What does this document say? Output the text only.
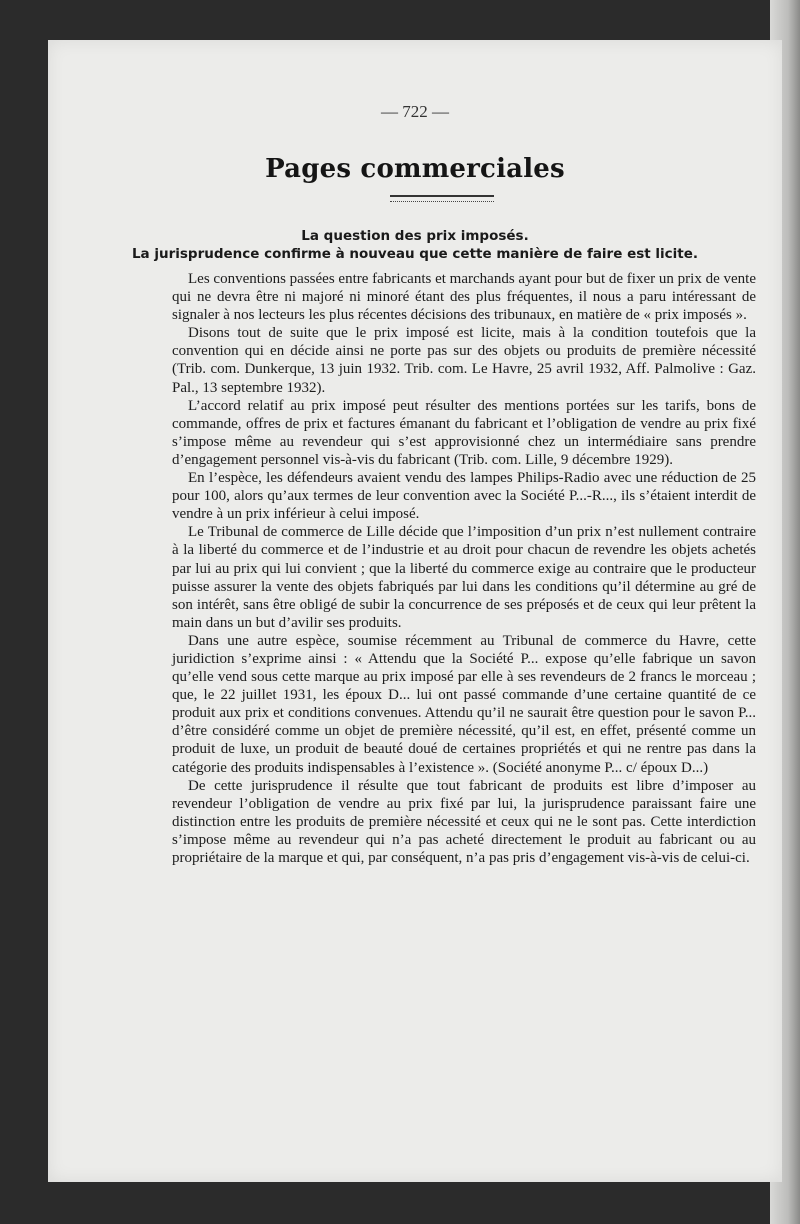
— 722 —
Pages commerciales
La question des prix imposés.
La jurisprudence confirme à nouveau que cette manière de faire est licite.

Les conventions passées entre fabricants et marchands ayant pour but de fixer un prix de vente qui ne devra être ni majoré ni minoré étant des plus fréquentes, il nous a paru intéressant de signaler à nos lecteurs les plus récentes décisions des tribunaux, en matière de « prix imposés ».

Disons tout de suite que le prix imposé est licite, mais à la condition toutefois que la convention qui en décide ainsi ne porte pas sur des objets ou produits de première nécessité (Trib. com. Dunkerque, 13 juin 1932. Trib. com. Le Havre, 25 avril 1932, Aff. Palmolive : Gaz. Pal., 13 septembre 1932).

L’accord relatif au prix imposé peut résulter des mentions portées sur les tarifs, bons de commande, offres de prix et factures émanant du fabricant et l’obligation de vendre au prix fixé s’impose même au revendeur qui s’est approvisionné chez un intermédiaire sans prendre d’engagement personnel vis-à-vis du fabricant (Trib. com. Lille, 9 décembre 1929).

En l’espèce, les défendeurs avaient vendu des lampes Philips-Radio avec une réduction de 25 pour 100, alors qu’aux termes de leur convention avec la Société P...-R..., ils s’étaient interdit de vendre à un prix inférieur à celui imposé.

Le Tribunal de commerce de Lille décide que l’imposition d’un prix n’est nullement contraire à la liberté du commerce et de l’industrie et au droit pour chacun de revendre les objets achetés par lui au prix qui lui convient ; que la liberté du commerce exige au contraire que le producteur puisse assurer la vente des objets fabriqués par lui dans les conditions qu’il détermine au gré de son intérêt, sans être obligé de subir la concurrence de ses préposés et de ceux qui leur prêtent la main dans un but d’avilir ses produits.

Dans une autre espèce, soumise récemment au Tribunal de commerce du Havre, cette juridiction s’exprime ainsi : « Attendu que la Société P... expose qu’elle fabrique un savon qu’elle vend sous cette marque au prix imposé par elle à ses revendeurs de 2 francs le morceau ; que, le 22 juillet 1931, les époux D... lui ont passé commande d’une certaine quantité de ce produit aux prix et conditions convenues. Attendu qu’il ne saurait être question pour le savon P... d’être considéré comme un objet de première nécessité, qu’il est, en effet, présenté comme un produit de luxe, un produit de beauté doué de certaines propriétés et qui ne rentre pas dans la catégorie des produits indispensables à l’existence ». (Société anonyme P... c/ époux D...)

De cette jurisprudence il résulte que tout fabricant de produits est libre d’imposer au revendeur l’obligation de vendre au prix fixé par lui, la jurisprudence paraissant faire une distinction entre les produits de première nécessité et ceux qui ne le sont pas. Cette interdiction s’impose même au revendeur qui n’a pas acheté directement le produit au fabricant ou au propriétaire de la marque et qui, par conséquent, n’a pas pris d’engagement vis-à-vis de celui-ci.
